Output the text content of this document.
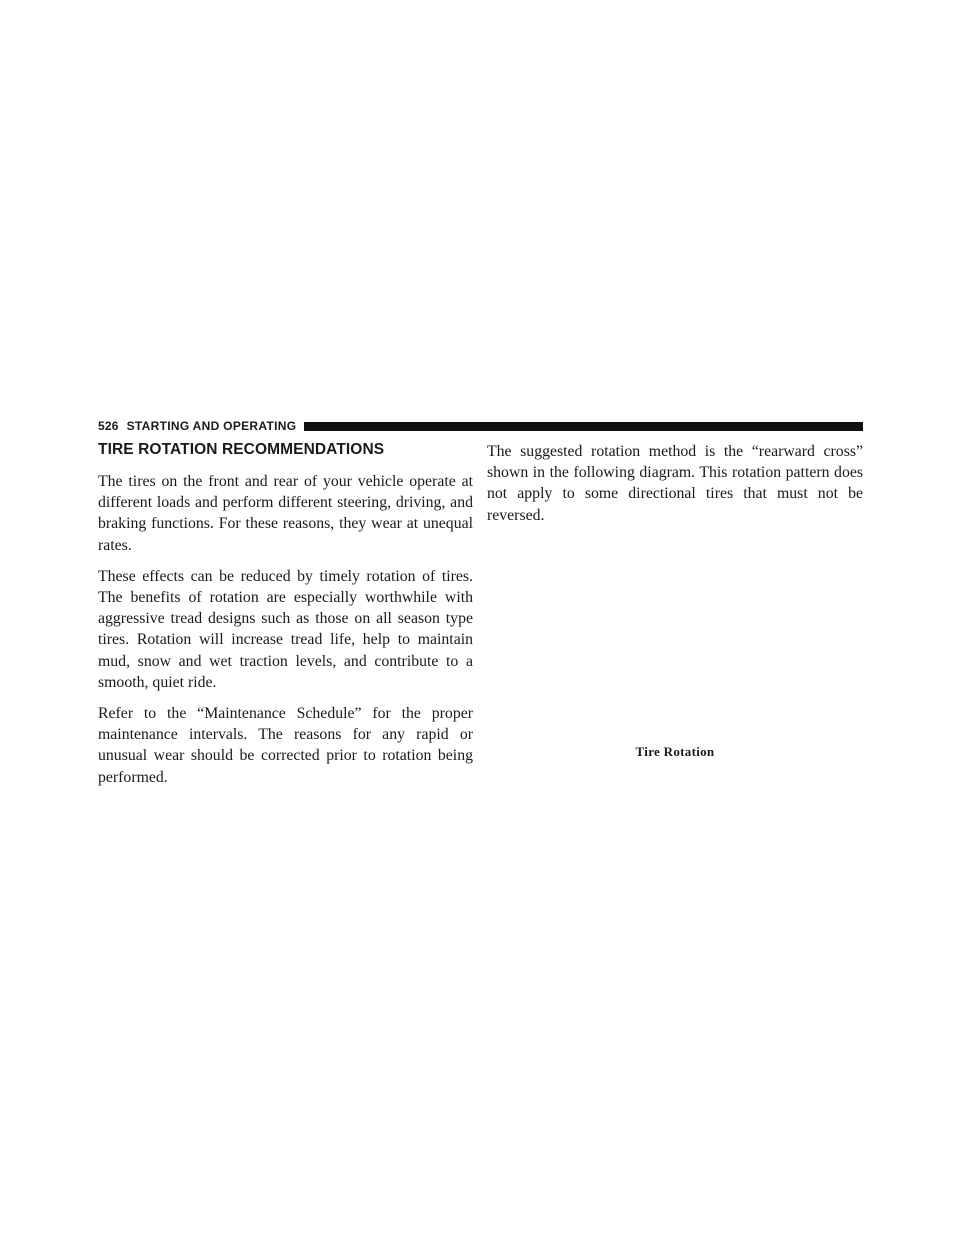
526 STARTING AND OPERATING
TIRE ROTATION RECOMMENDATIONS

The tires on the front and rear of your vehicle operate at different loads and perform different steering, driving, and braking functions. For these reasons, they wear at unequal rates.

These effects can be reduced by timely rotation of tires. The benefits of rotation are especially worthwhile with aggressive tread designs such as those on all season type tires. Rotation will increase tread life, help to maintain mud, snow and wet traction levels, and contribute to a smooth, quiet ride.

Refer to the “Maintenance Schedule” for the proper maintenance intervals. The reasons for any rapid or unusual wear should be corrected prior to rotation being performed.

The suggested rotation method is the “rearward cross” shown in the following diagram. This rotation pattern does not apply to some directional tires that must not be reversed.

Tire Rotation
